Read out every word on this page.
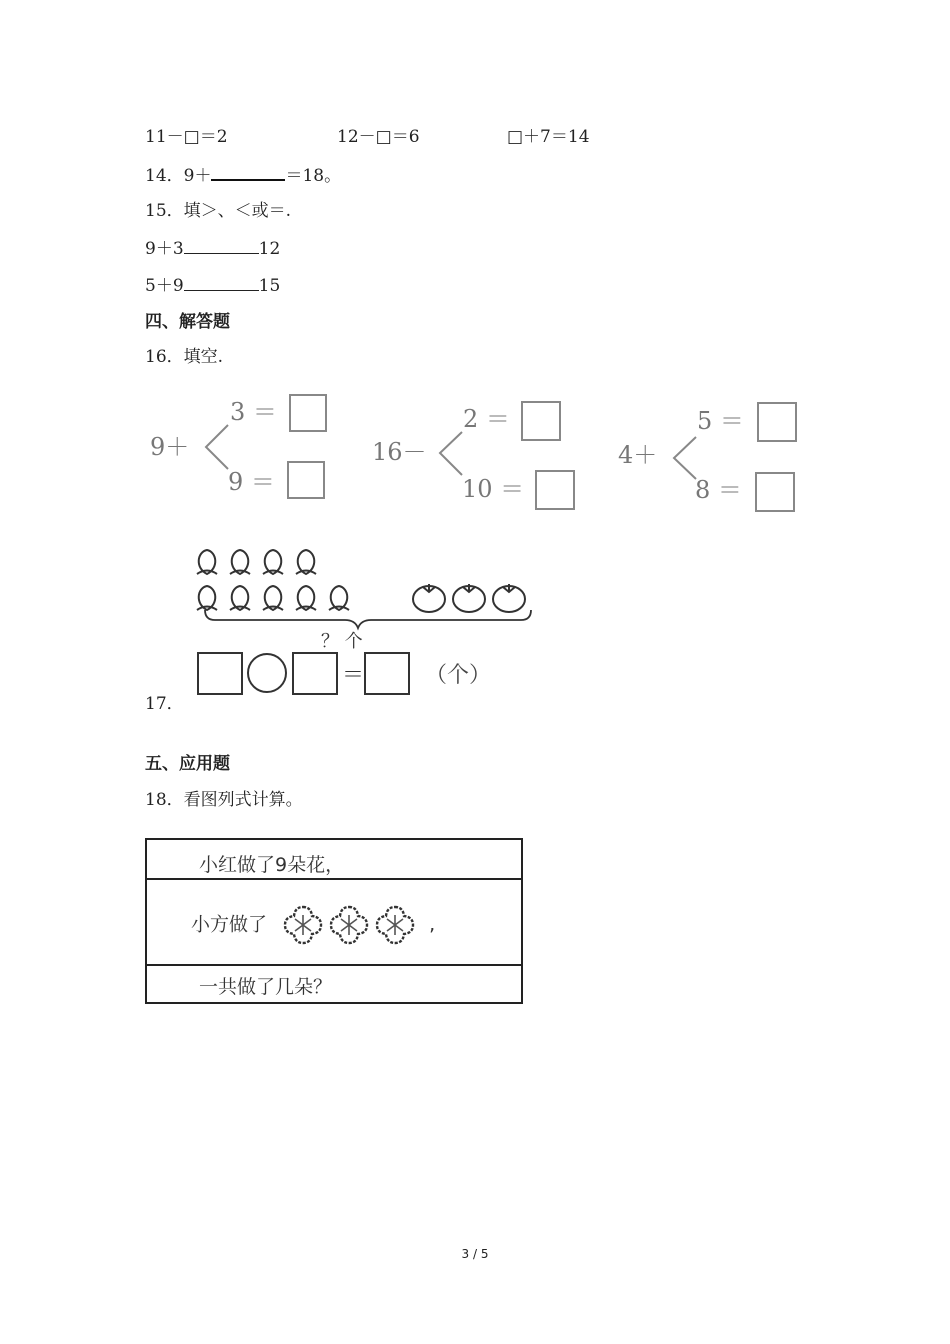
11－□＝2	12－□＝6	□＋7＝14
14．9＋	＝18。
15．填＞、＜或＝.
9＋3	12
5＋9	15
四、解答题
16．填空.
9＋
3 ＝
9 ＝
16－
2 ＝
10 ＝
4＋
5 ＝
8 ＝
？ 个
＝	（个）
17．
五、应用题
18．看图列式计算。
小红做了9朵花，
小方做了	,
一共做了几朵？
3 / 5
